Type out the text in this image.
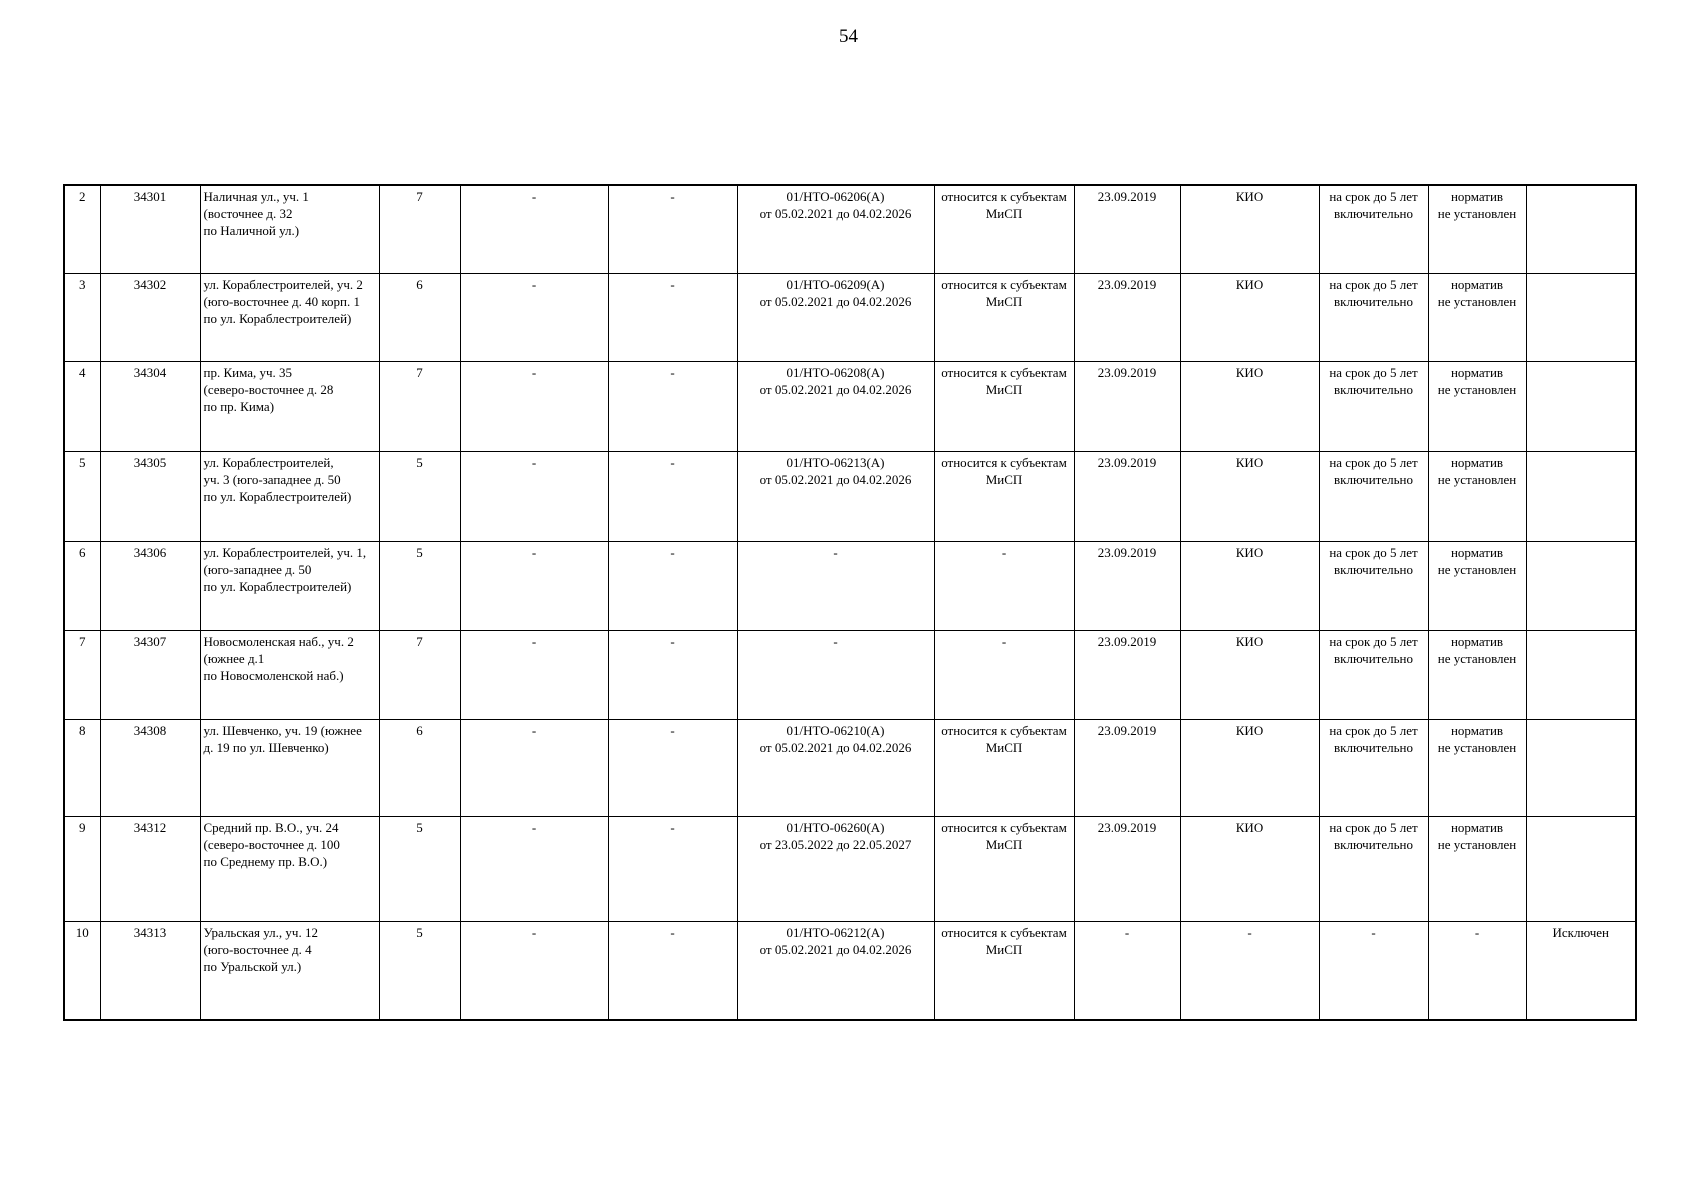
54
2	34301	Наличная ул., уч. 1
(восточнее д. 32
по Наличной ул.)	7	-	-	01/НТО-06206(А)
от 05.02.2021 до 04.02.2026	относится к субъектам
МиСП	23.09.2019	КИО	на срок до 5 лет
включительно	норматив
не установлен	
3	34302	ул. Кораблестроителей, уч. 2
(юго-восточнее д. 40 корп. 1
по ул. Кораблестроителей)	6	-	-	01/НТО-06209(А)
от 05.02.2021 до 04.02.2026	относится к субъектам
МиСП	23.09.2019	КИО	на срок до 5 лет
включительно	норматив
не установлен	
4	34304	пр. Кима, уч. 35
(северо-восточнее д. 28
по пр. Кима)	7	-	-	01/НТО-06208(А)
от 05.02.2021 до 04.02.2026	относится к субъектам
МиСП	23.09.2019	КИО	на срок до 5 лет
включительно	норматив
не установлен	
5	34305	ул. Кораблестроителей,
уч. 3 (юго-западнее д. 50
по ул. Кораблестроителей)	5	-	-	01/НТО-06213(А)
от 05.02.2021 до 04.02.2026	относится к субъектам
МиСП	23.09.2019	КИО	на срок до 5 лет
включительно	норматив
не установлен	
6	34306	ул. Кораблестроителей, уч. 1,
(юго-западнее д. 50
по ул. Кораблестроителей)	5	-	-	-	-	23.09.2019	КИО	на срок до 5 лет
включительно	норматив
не установлен	
7	34307	Новосмоленская наб., уч. 2
(южнее д.1
по Новосмоленской наб.)	7	-	-	-	-	23.09.2019	КИО	на срок до 5 лет
включительно	норматив
не установлен	
8	34308	ул. Шевченко, уч. 19 (южнее
д. 19 по ул. Шевченко)	6	-	-	01/НТО-06210(А)
от 05.02.2021 до 04.02.2026	относится к субъектам
МиСП	23.09.2019	КИО	на срок до 5 лет
включительно	норматив
не установлен	
9	34312	Средний пр. В.О., уч. 24
(северо-восточнее д. 100
по Среднему пр. В.О.)	5	-	-	01/НТО-06260(А)
от 23.05.2022 до 22.05.2027	относится к субъектам
МиСП	23.09.2019	КИО	на срок до 5 лет
включительно	норматив
не установлен	
10	34313	Уральская ул., уч. 12
(юго-восточнее д. 4
по Уральской ул.)	5	-	-	01/НТО-06212(А)
от 05.02.2021 до 04.02.2026	относится к субъектам
МиСП	-	-	-	-	Исключен
